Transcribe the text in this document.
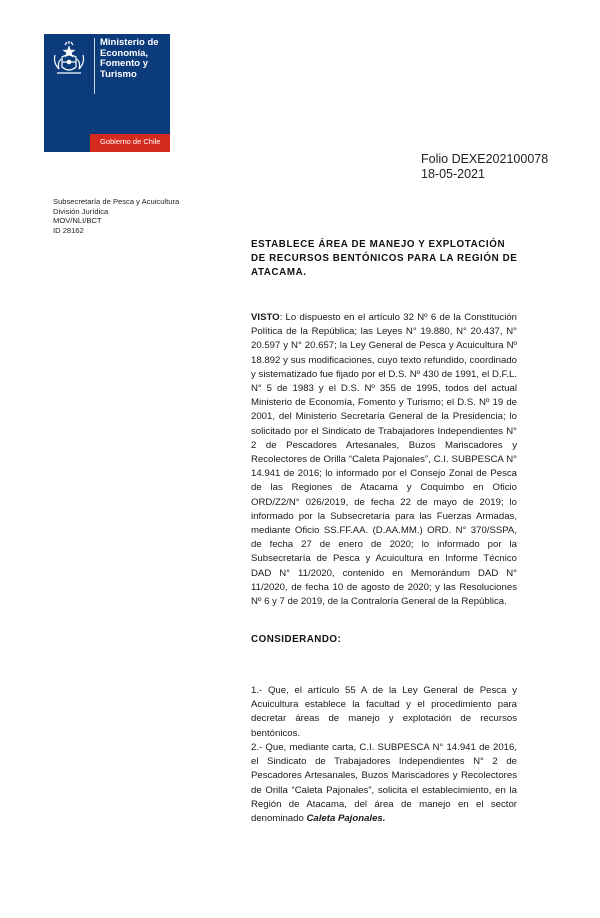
Ministerio de
Economía,
Fomento y
Turismo
Gobierno de Chile
Folio DEXE202100078
18-05-2021
Subsecretaría de Pesca y Acuicultura
División Jurídica
MOV/NLI/BCT
ID 28162
ESTABLECE ÁREA DE MANEJO Y EXPLOTACIÓN DE RECURSOS BENTÓNICOS PARA LA REGIÓN DE ATACAMA.
VISTO: Lo dispuesto en el artículo 32 Nº 6 de la Constitución Política de la República; las Leyes N° 19.880, N° 20.437, N° 20.597 y N° 20.657; la Ley General de Pesca y Acuicultura Nº 18.892 y sus modificaciones, cuyo texto refundido, coordinado y sistematizado fue fijado por el D.S. Nº 430 de 1991, el D.F.L. N° 5 de 1983 y el D.S. Nº 355 de 1995, todos del actual Ministerio de Economía, Fomento y Turismo; el D.S. Nº 19 de 2001, del Ministerio Secretaría General de la Presidencia; lo solicitado por el Sindicato de Trabajadores Independientes N° 2 de Pescadores Artesanales, Buzos Mariscadores y Recolectores de Orilla “Caleta Pajonales”, C.I. SUBPESCA N° 14.941 de 2016; lo informado por el Consejo Zonal de Pesca de las Regiones de Atacama y Coquimbo en Oficio ORD/Z2/N° 026/2019, de fecha 22 de mayo de 2019; lo informado por la Subsecretaría para las Fuerzas Armadas, mediante Oficio SS.FF.AA. (D.AA.MM.) ORD. N° 370/SSPA, de fecha 27 de enero de 2020; lo informado por la Subsecretaría de Pesca y Acuicultura en Informe Técnico DAD N° 11/2020, contenido en Memorándum DAD N° 11/2020, de fecha 10 de agosto de 2020; y las Resoluciones Nº 6 y 7 de 2019, de la Contraloría General de la República.
CONSIDERANDO:
1.- Que, el artículo 55 A de la Ley General de Pesca y Acuicultura establece la facultad y el procedimiento para decretar áreas de manejo y explotación de recursos bentónicos.
2.- Que, mediante carta, C.I. SUBPESCA N° 14.941 de 2016, el Sindicato de Trabajadores Independientes N° 2 de Pescadores Artesanales, Buzos Mariscadores y Recolectores de Orilla “Caleta Pajonales”, solicita el establecimiento, en la Región de Atacama, del área de manejo en el sector denominado Caleta Pajonales.
